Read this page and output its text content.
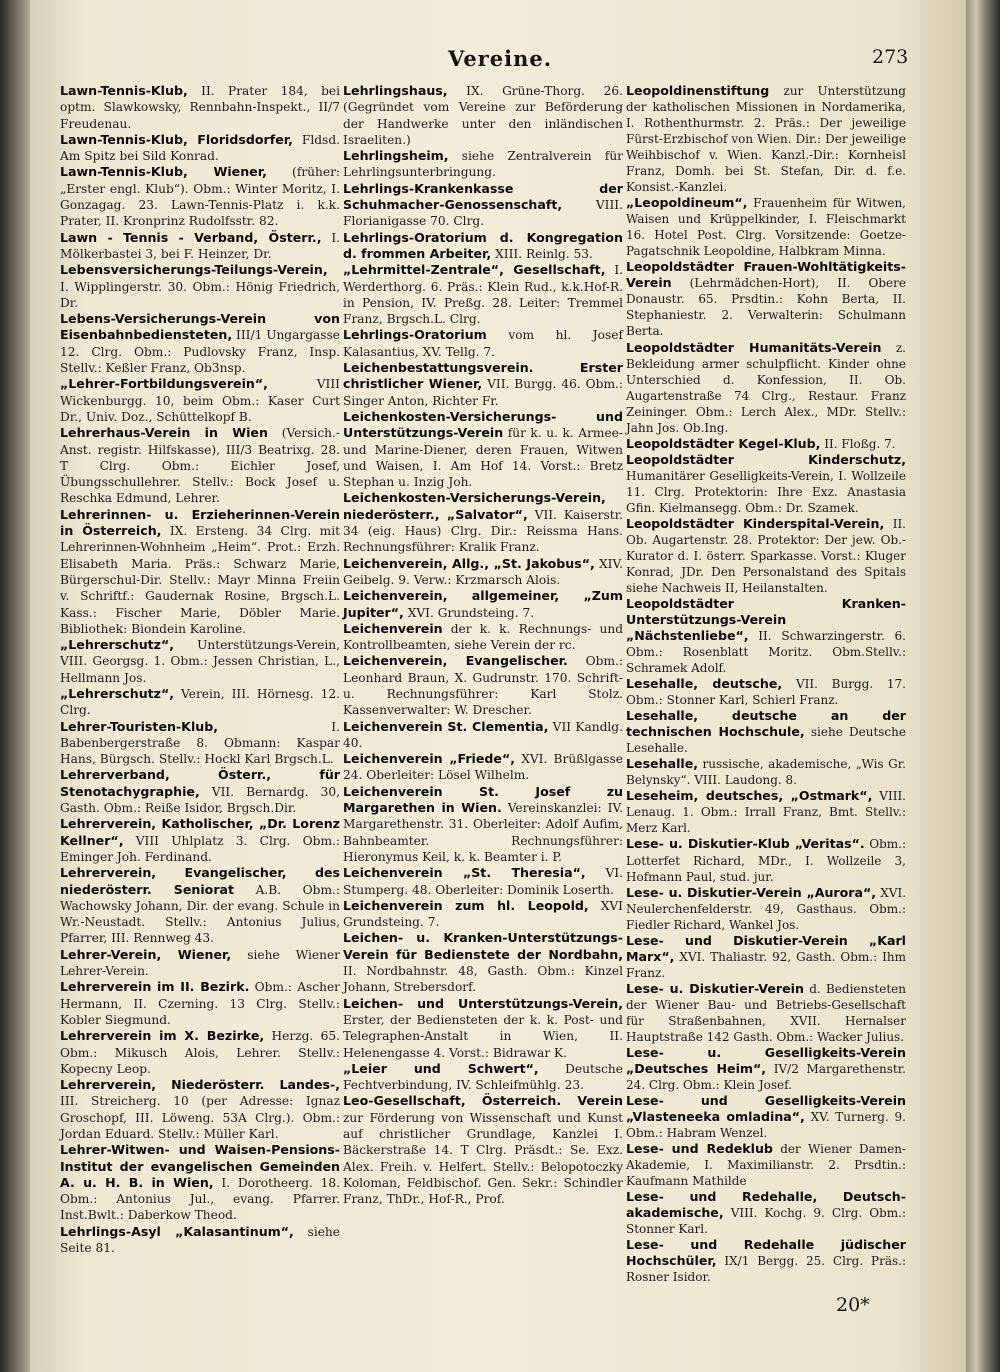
Vereine.	273

Lawn-Tennis-Klub, II. Prater 184, bei optm. Slawkowsky, Rennbahn-Inspekt., II/7 Freudenau.

Lawn-Tennis-Klub, Floridsdorfer, Fldsd. Am Spitz bei Sild Konrad.

Lawn-Tennis-Klub, Wiener, (früher: „Erster engl. Klub“). Obm.: Winter Moritz, I. Gonzagag. 23. Lawn-Tennis-Platz i. k.k. Prater, II. Kronprinz Rudolfsstr. 82.

Lawn - Tennis - Verband, Österr., I. Mölkerbastei 3, bei F. Heinzer, Dr.

Lebensversicherungs-Teilungs-Verein, I. Wipplingerstr. 30. Obm.: Hönig Friedrich, Dr.

Lebens-Versicherungs-Verein von Eisenbahnbediensteten, III/1 Ungargasse 12. Clrg. Obm.: Pudlovsky Franz, Insp. Stellv.: Keßler Franz, Ob3nsp.

„Lehrer-Fortbildungsverein“, VIII Wickenburgg. 10, beim Obm.: Kaser Curt Dr., Univ. Doz., Schüttelkopf B.

Lehrerhaus-Verein in Wien (Versich.-Anst. registr. Hilfskasse), III/3 Beatrixg. 28. T Clrg. Obm.: Eichler Josef, Übungsschullehrer. Stellv.: Bock Josef u. Reschka Edmund, Lehrer.

Lehrerinnen- u. Erzieherinnen-Verein in Österreich, IX. Ersteng. 34 Clrg. mit Lehrerinnen-Wohnheim „Heim“. Prot.: Erzh. Elisabeth Maria. Präs.: Schwarz Marie, Bürgerschul-Dir. Stellv.: Mayr Minna Freiin v. Schriftf.: Gaudernak Rosine, Brgsch.L. Kass.: Fischer Marie, Döbler Marie. Bibliothek: Biondein Karoline.

„Lehrerschutz“, Unterstützungs-Verein, VIII. Georgsg. 1. Obm.: Jessen Christian, L., Hellmann Jos.

„Lehrerschutz“, Verein, III. Hörnesg. 12. Clrg.

Lehrer-Touristen-Klub, I. Babenbergerstraße 8. Obmann: Kaspar Hans, Bürgsch. Stellv.: Hockl Karl Brgsch.L.

Lehrerverband, Österr., für Stenotachygraphie, VII. Bernardg. 30, Gasth. Obm.: Reiße Isidor, Brgsch.Dir.

Lehrerverein, Katholischer, „Dr. Lorenz Kellner“, VIII Uhlplatz 3. Clrg. Obm.: Eminger Joh. Ferdinand.

Lehrerverein, Evangelischer, des niederösterr. Seniorat A.B. Obm.: Wachowsky Johann, Dir. der evang. Schule in Wr.-Neustadt. Stellv.: Antonius Julius, Pfarrer, III. Rennweg 43.

Lehrer-Verein, Wiener, siehe Wiener Lehrer-Verein.

Lehrerverein im II. Bezirk. Obm.: Ascher Hermann, II. Czerning. 13 Clrg. Stellv.: Kobler Siegmund.

Lehrerverein im X. Bezirke, Herzg. 65. Obm.: Mikusch Alois, Lehrer. Stellv.: Kopecny Leop.

Lehrerverein, Niederösterr. Landes-, III. Streicherg. 10 (per Adresse: Ignaz Groschopf, III. Löweng. 53A Clrg.). Obm.: Jordan Eduard. Stellv.: Müller Karl.

Lehrer-Witwen- und Waisen-Pensions-Institut der evangelischen Gemeinden A. u. H. B. in Wien, I. Dorotheerg. 18. Obm.: Antonius Jul., evang. Pfarrer. Inst.Bwlt.: Daberkow Theod.

Lehrlings-Asyl „Kalasantinum“, siehe Seite 81.

Lehrlingshaus, IX. Grüne-Thorg. 26. (Gegründet vom Vereine zur Beförderung der Handwerke unter den inländischen Israeliten.)

Lehrlingsheim, siehe Zentralverein für Lehrlingsunterbringung.

Lehrlings-Krankenkasse der Schuhmacher-Genossenschaft, VIII. Florianigasse 70. Clrg.

Lehrlings-Oratorium d. Kongregation d. frommen Arbeiter, XIII. Reinlg. 53.

„Lehrmittel-Zentrale“, Gesellschaft, I. Werderthorg. 6. Präs.: Klein Rud., k.k.Hof-R. in Pension, IV. Preßg. 28. Leiter: Tremmel Franz, Brgsch.L. Clrg.

Lehrlings-Oratorium vom hl. Josef Kalasantius, XV. Tellg. 7.

Leichenbestattungsverein. Erster christlicher Wiener, VII. Burgg. 46. Obm.: Singer Anton, Richter Fr.

Leichenkosten-Versicherungs- und Unterstützungs-Verein für k. u. k. Armee- und Marine-Diener, deren Frauen, Witwen und Waisen, I. Am Hof 14. Vorst.: Bretz Stephan u. Inzig Joh.

Leichenkosten-Versicherungs-Verein, niederösterr., „Salvator“, VII. Kaiserstr. 34 (eig. Haus) Clrg. Dir.: Reissma Hans. Rechnungsführer: Kralik Franz.

Leichenverein, Allg., „St. Jakobus“, XIV. Geibelg. 9. Verw.: Krzmarsch Alois.

Leichenverein, allgemeiner, „Zum Jupiter“, XVI. Grundsteing. 7.

Leichenverein der k. k. Rechnungs- und Kontrollbeamten, siehe Verein der rc.

Leichenverein, Evangelischer. Obm.: Leonhard Braun, X. Gudrunstr. 170. Schrift- u. Rechnungsführer: Karl Stolz. Kassenverwalter: W. Drescher.

Leichenverein St. Clementia, VII Kandlg. 40.

Leichenverein „Friede“, XVI. Brüßlgasse 24. Oberleiter: Lösel Wilhelm.

Leichenverein St. Josef zu Margarethen in Wien. Vereinskanzlei: IV. Margarethenstr. 31. Oberleiter: Adolf Aufim, Bahnbeamter. Rechnungsführer: Hieronymus Keil, k. k. Beamter i. P.

Leichenverein „St. Theresia“, VI. Stumperg. 48. Oberleiter: Dominik Loserth.

Leichenverein zum hl. Leopold, XVI Grundsteing. 7.

Leichen- u. Kranken-Unterstützungs-Verein für Bedienstete der Nordbahn, II. Nordbahnstr. 48, Gasth. Obm.: Kinzel Johann, Strebersdorf.

Leichen- und Unterstützungs-Verein, Erster, der Bediensteten der k. k. Post- und Telegraphen-Anstalt in Wien, II. Helenengasse 4. Vorst.: Bidrawar K.

„Leier und Schwert“, Deutsche Fechtverbindung, IV. Schleifmühlg. 23.

Leo-Gesellschaft, Österreich. Verein zur Förderung von Wissenschaft und Kunst auf christlicher Grundlage, Kanzlei I. Bäckerstraße 14. T Clrg. Präsdt.: Se. Exz. Alex. Freih. v. Helfert. Stellv.: Belopotoczky Koloman, Feldbischof. Gen. Sekr.: Schindler Franz, ThDr., Hof-R., Prof.

Leopoldinenstiftung zur Unterstützung der katholischen Missionen in Nordamerika, I. Rothenthurmstr. 2. Präs.: Der jeweilige Fürst-Erzbischof von Wien. Dir.: Der jeweilige Weihbischof v. Wien. Kanzl.-Dir.: Kornheisl Franz, Domh. bei St. Stefan, Dir. d. f.e. Konsist.-Kanzlei.

„Leopoldineum“, Frauenheim für Witwen, Waisen und Krüppelkinder, I. Fleischmarkt 16. Hotel Post. Clrg. Vorsitzende: Goetze-Pagatschnik Leopoldine, Halbkram Minna.

Leopoldstädter Frauen-Wohltätigkeits-Verein (Lehrmädchen-Hort), II. Obere Donaustr. 65. Prsdtin.: Kohn Berta, II. Stephaniestr. 2. Verwalterin: Schulmann Berta.

Leopoldstädter Humanitäts-Verein z. Bekleidung armer schulpflicht. Kinder ohne Unterschied d. Konfession, II. Ob. Augartenstraße 74 Clrg., Restaur. Franz Zeininger. Obm.: Lerch Alex., MDr. Stellv.: Jahn Jos. Ob.Ing.

Leopoldstädter Kegel-Klub, II. Floßg. 7.

Leopoldstädter Kinderschutz, Humanitärer Geselligkeits-Verein, I. Wollzeile 11. Clrg. Protektorin: Ihre Exz. Anastasia Gfin. Kielmansegg. Obm.: Dr. Szamek.

Leopoldstädter Kinderspital-Verein, II. Ob. Augartenstr. 28. Protektor: Der jew. Ob.-Kurator d. I. österr. Sparkasse. Vorst.: Kluger Konrad, JDr. Den Personalstand des Spitals siehe Nachweis II, Heilanstalten.

Leopoldstädter Kranken-Unterstützungs-Verein „Nächstenliebe“, II. Schwarzingerstr. 6. Obm.: Rosenblatt Moritz. Obm.Stellv.: Schramek Adolf.

Lesehalle, deutsche, VII. Burgg. 17. Obm.: Stonner Karl, Schierl Franz.

Lesehalle, deutsche an der technischen Hochschule, siehe Deutsche Lesehalle.

Lesehalle, russische, akademische, „Wis Gr. Belynsky“. VIII. Laudong. 8.

Leseheim, deutsches, „Ostmark“, VIII. Lenaug. 1. Obm.: Irrall Franz, Bmt. Stellv.: Merz Karl.

Lese- u. Diskutier-Klub „Veritas“. Obm.: Lotterfet Richard, MDr., I. Wollzeile 3, Hofmann Paul, stud. jur.

Lese- u. Diskutier-Verein „Aurora“, XVI. Neulerchenfelderstr. 49, Gasthaus. Obm.: Fiedler Richard, Wankel Jos.

Lese- und Diskutier-Verein „Karl Marx“, XVI. Thaliastr. 92, Gasth. Obm.: Ihm Franz.

Lese- u. Diskutier-Verein d. Bediensteten der Wiener Bau- und Betriebs-Gesellschaft für Straßenbahnen, XVII. Hernalser Hauptstraße 142 Gasth. Obm.: Wacker Julius.

Lese- u. Geselligkeits-Verein „Deutsches Heim“, IV/2 Margarethenstr. 24. Clrg. Obm.: Klein Josef.

Lese- und Geselligkeits-Verein „Vlasteneeka omladina“, XV. Turnerg. 9. Obm.: Habram Wenzel.

Lese- und Redeklub der Wiener Damen-Akademie, I. Maximilianstr. 2. Prsdtin.: Kaufmann Mathilde

Lese- und Redehalle, Deutsch-akademische, VIII. Kochg. 9. Clrg. Obm.: Stonner Karl.

Lese- und Redehalle jüdischer Hochschüler, IX/1 Bergg. 25. Clrg. Präs.: Rosner Isidor.

20*
